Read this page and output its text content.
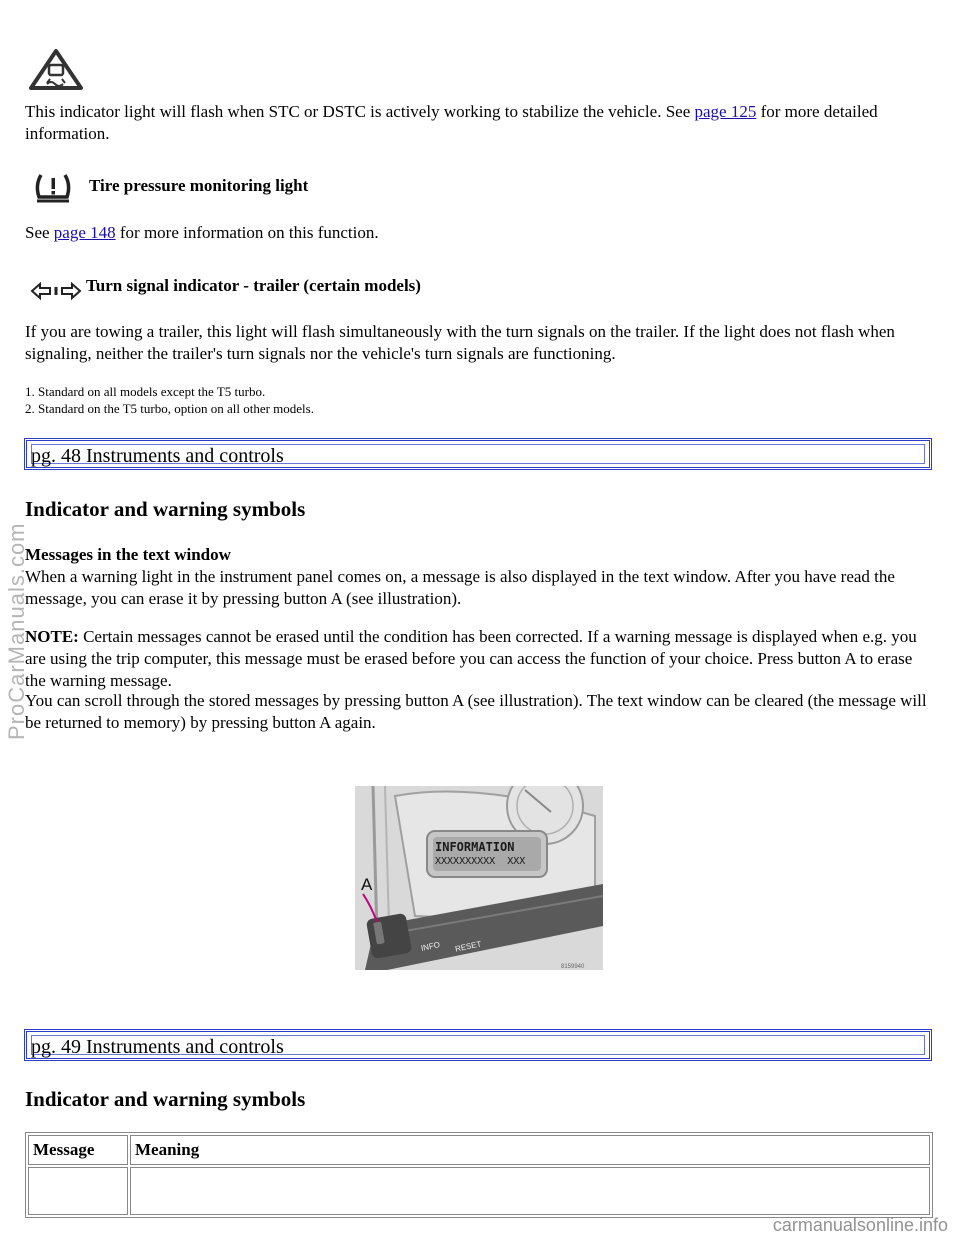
This indicator light will flash when STC or DSTC is actively working to stabilize the vehicle. See page 125 for more detailed information.

Tire pressure monitoring light

See page 148 for more information on this function.

Turn signal indicator - trailer (certain models)

If you are towing a trailer, this light will flash simultaneously with the turn signals on the trailer. If the light does not flash when signaling, neither the trailer's turn signals nor the vehicle's turn signals are functioning.

1. Standard on all models except the T5 turbo.
2. Standard on the T5 turbo, option on all other models.
pg. 48 Instruments and controls
Indicator and warning symbols
Messages in the text window

When a warning light in the instrument panel comes on, a message is also displayed in the text window. After you have read the message, you can erase it by pressing button A (see illustration).

NOTE: Certain messages cannot be erased until the condition has been corrected. If a warning message is displayed when e.g. you are using the trip computer, this message must be erased before you can access the function of your choice. Press button A to erase the warning message.

You can scroll through the stored messages by pressing button A (see illustration). The text window can be cleared (the message will be returned to memory) by pressing button A again.

INFORMATION
XXXXXXXXXX  XXX
A
INFO RESET
8159940
pg. 49 Instruments and controls
Indicator and warning symbols
Message	Meaning

ProCarManuals.com
carmanualsonline.info
